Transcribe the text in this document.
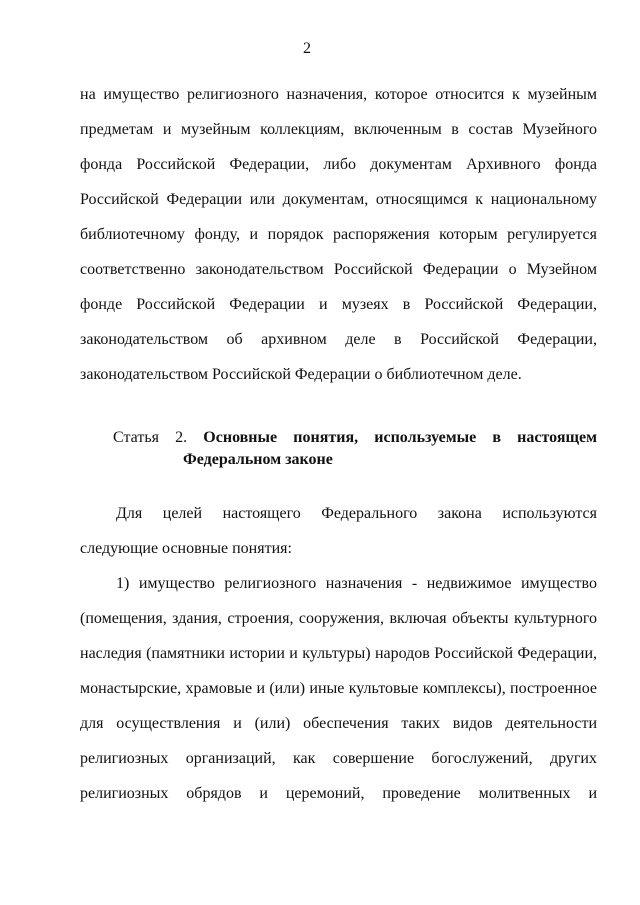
2
на имущество религиозного назначения, которое относится к музейным
предметам и музейным коллекциям, включенным в состав Музейного
фонда Российской Федерации, либо документам Архивного фонда
Российской Федерации или документам, относящимся к национальному
библиотечному фонду, и порядок распоряжения которым регулируется
соответственно законодательством Российской Федерации о Музейном
фонде Российской Федерации и музеях в Российской Федерации,
законодательством об архивном деле в Российской Федерации,
законодательством Российской Федерации о библиотечном деле.
Статья 2. Основные понятия, используемые в настоящем
Федеральном законе
Для целей настоящего Федерального закона используются
следующие основные понятия:
1) имущество религиозного назначения - недвижимое имущество
(помещения, здания, строения, сооружения, включая объекты культурного
наследия (памятники истории и культуры) народов Российской Федерации,
монастырские, храмовые и (или) иные культовые комплексы), построенное
для осуществления и (или) обеспечения таких видов деятельности
религиозных организаций, как совершение богослужений, других
религиозных обрядов и церемоний, проведение молитвенных и
